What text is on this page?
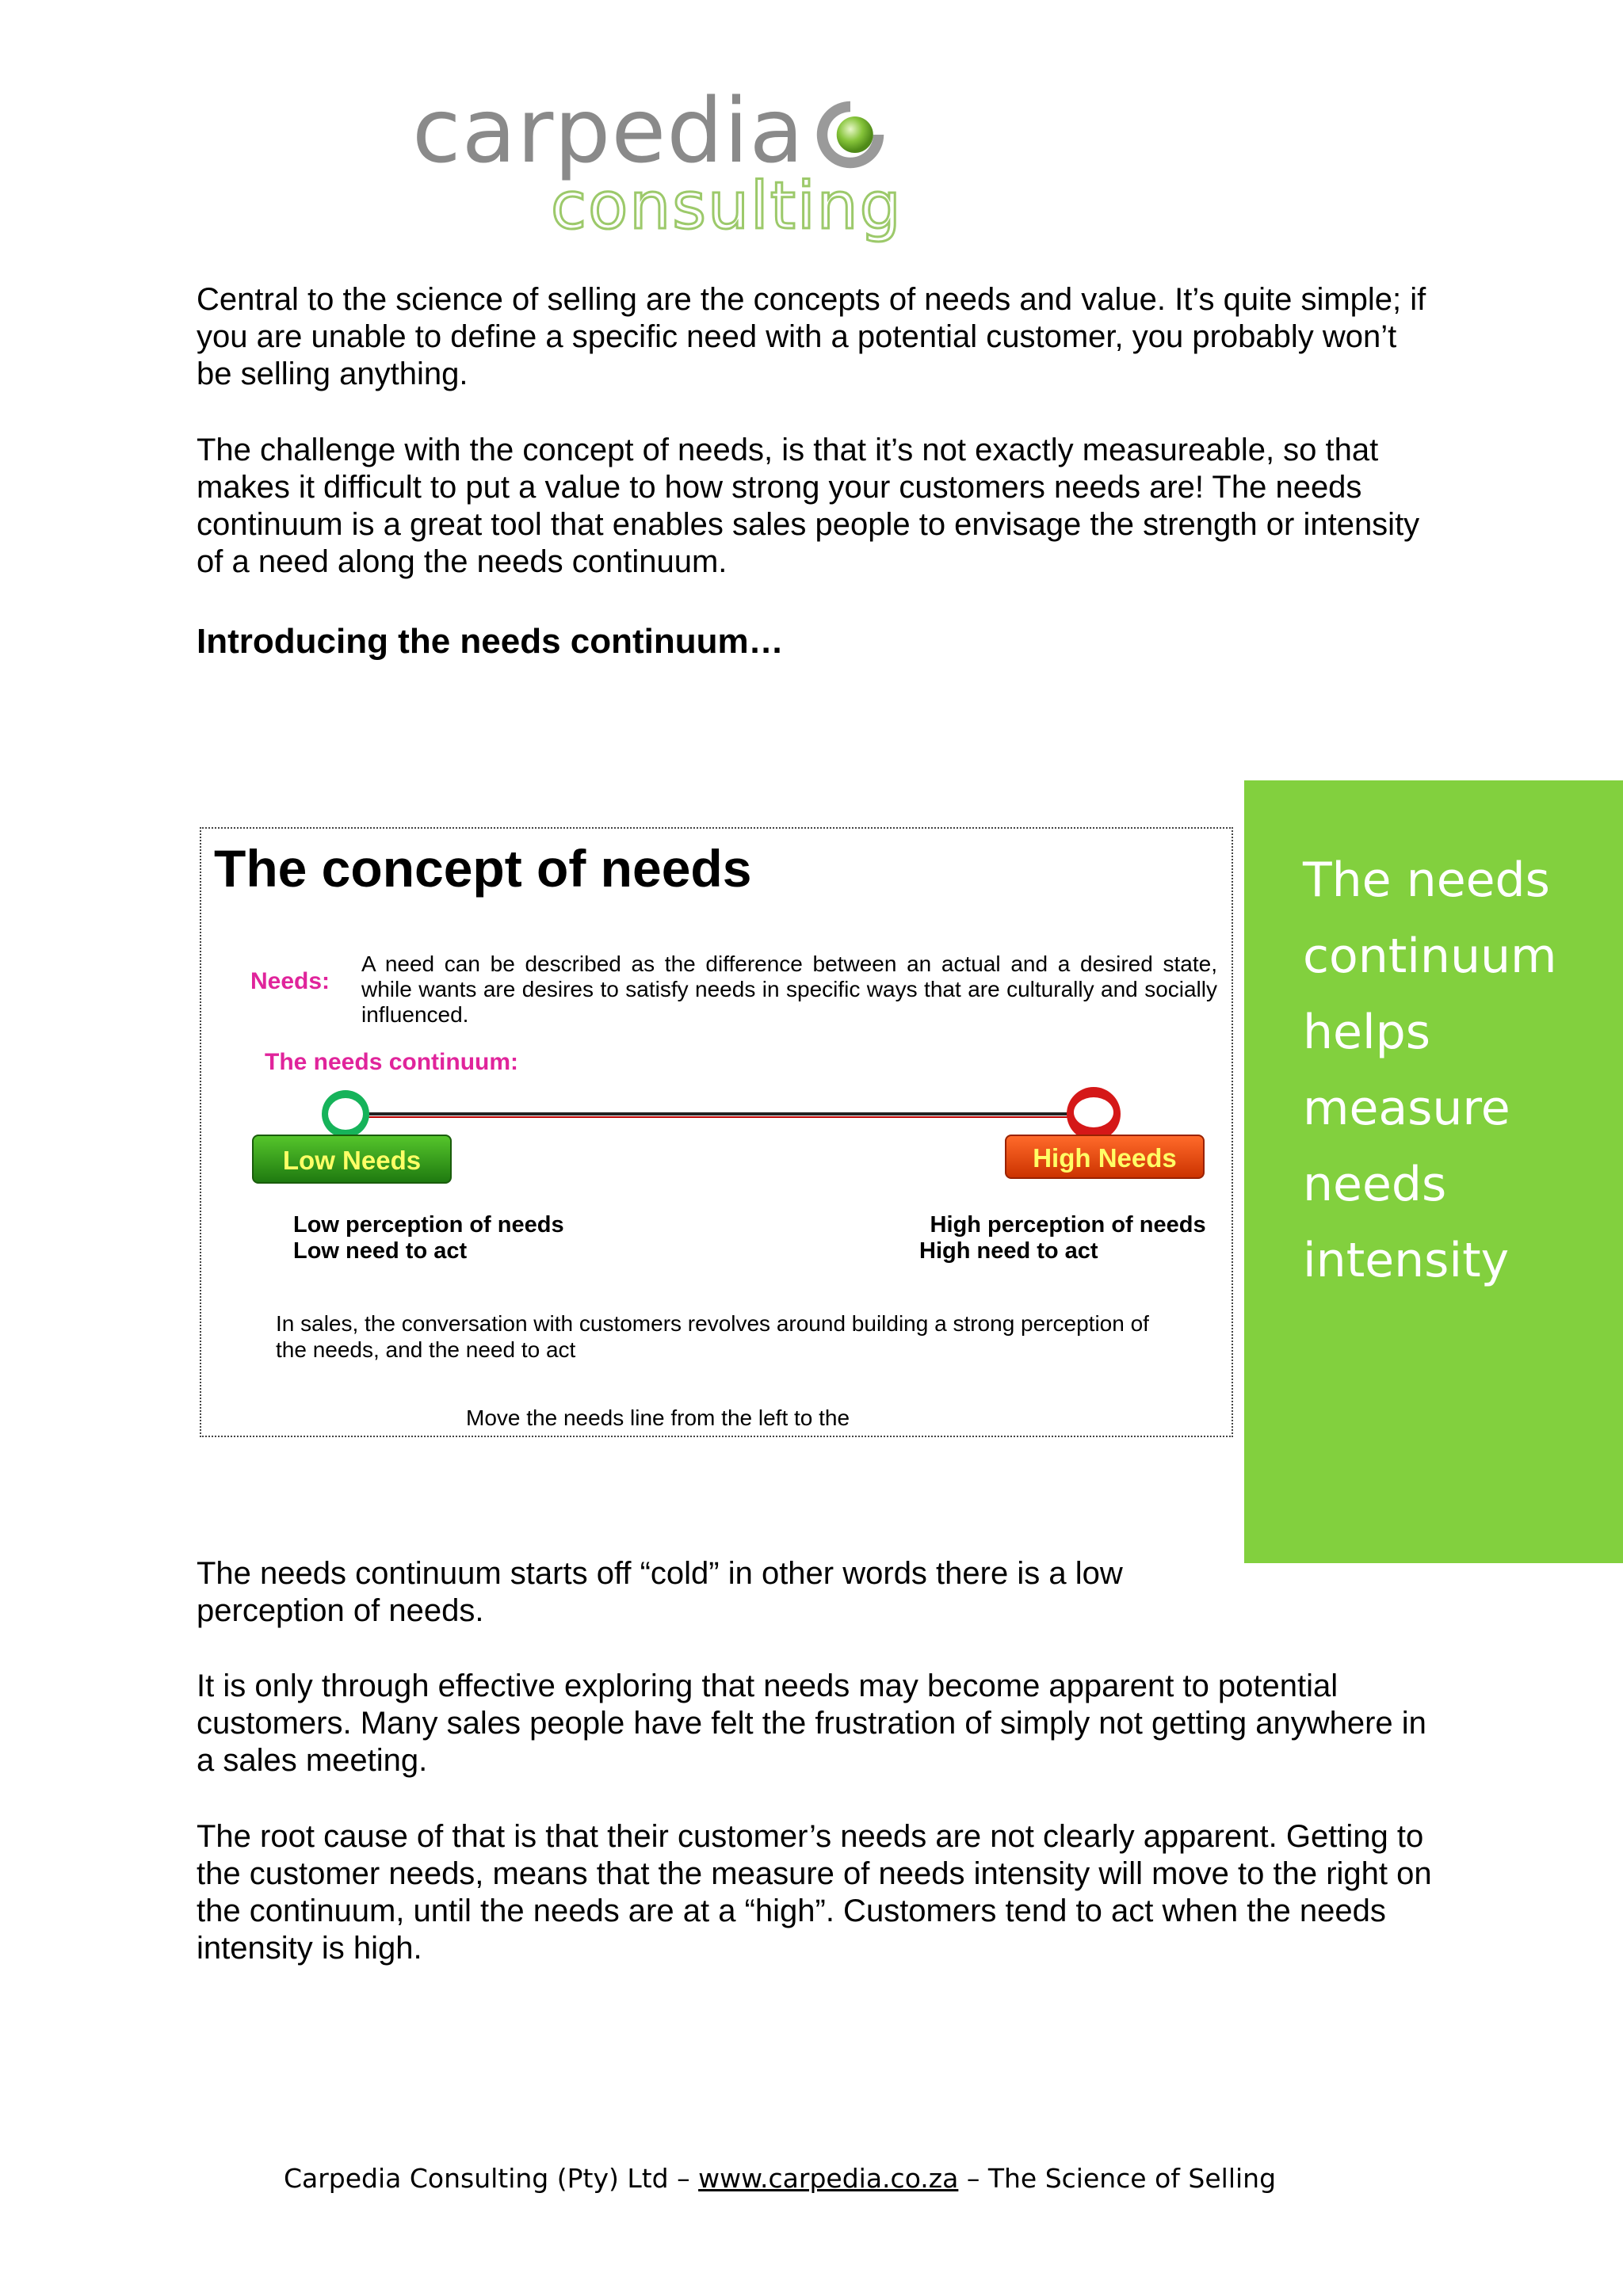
carpedia
consulting

Central to the science of selling are the concepts of needs and value. It’s quite simple; if you are unable to define a specific need with a potential customer, you probably won’t be selling anything.

The challenge with the concept of needs, is that it’s not exactly measureable, so that makes it difficult to put a value to how strong your customers needs are! The needs continuum is a great tool that enables sales people to envisage the strength or intensity of a need along the needs continuum.

Introducing the needs continuum…
The concept of needs
Needs:
A need can be described as the difference between an actual and a desired state, while wants are desires to satisfy needs in specific ways that are culturally and socially influenced.
The needs continuum:
Low Needs	High Needs
Low perception of needs
Low need to act
High perception of needs
High need to act
In sales, the conversation with customers revolves around building a strong perception of the needs, and the need to act
Move the needs line from the left to the
The needs continuum helps measure needs intensity

The needs continuum starts off “cold” in other words there is a low perception of needs.

It is only through effective exploring that needs may become apparent to potential customers. Many sales people have felt the frustration of simply not getting anywhere in a sales meeting.

The root cause of that is that their customer’s needs are not clearly apparent. Getting to the customer needs, means that the measure of needs intensity will move to the right on the continuum, until the needs are at a “high”. Customers tend to act when the needs intensity is high.

Carpedia Consulting (Pty) Ltd – www.carpedia.co.za – The Science of Selling
